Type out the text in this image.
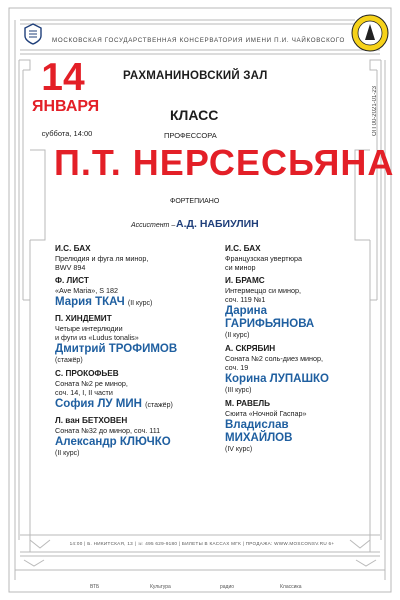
МОСКОВСКАЯ ГОСУДАРСТВЕННАЯ КОНСЕРВАТОРИЯ ИМЕНИ П.И. ЧАЙКОВСКОГО
14
ЯНВАРЯ
суббота, 14:00
РАХМАНИНОВСКИЙ ЗАЛ
КЛАСС
ПРОФЕССОРА
П.Т. НЕРСЕСЬЯНА
ФОРТЕПИАНО
Ассистент – А.Д. НАБИУЛИН
ОП 00-2021-01-23
И.С. БАХ
Прелюдия и фуга ля минор,
BWV 894
Ф. ЛИСТ
«Ave Maria», S 182
Мария ТКАЧ (II курс)
П. ХИНДЕМИТ
Четыре интерлюдии
и фуги из «Ludus tonalis»
Дмитрий ТРОФИМОВ
(стажёр)
С. ПРОКОФЬЕВ
Соната №2 ре минор,
соч. 14, I, II части
София ЛУ МИН (стажёр)
Л. ван БЕТХОВЕН
Соната №32 до минор, соч. 111
Александр КЛЮЧКО
(II курс)
И.С. БАХ
Французская увертюра
си минор
И. БРАМС
Интермеццо си минор,
соч. 119 №1
Дарина
ГАРИФЬЯНОВА
(II курс)
А. СКРЯБИН
Соната №2 соль-диез минор,
соч. 19
Корина ЛУПАШКО
(III курс)
М. РАВЕЛЬ
Сюита «Ночной Гаспар»
Владислав
МИХАЙЛОВ
(IV курс)
14:00 | Б. НИКИТСКАЯ, 13 | ☏ 495 629-9180 | БИЛЕТЫ В КАССАХ МГК | ПРОДАЖА: WWW.MOSCONSV.RU 6+
ВТБ	Культура	радио	Классика
